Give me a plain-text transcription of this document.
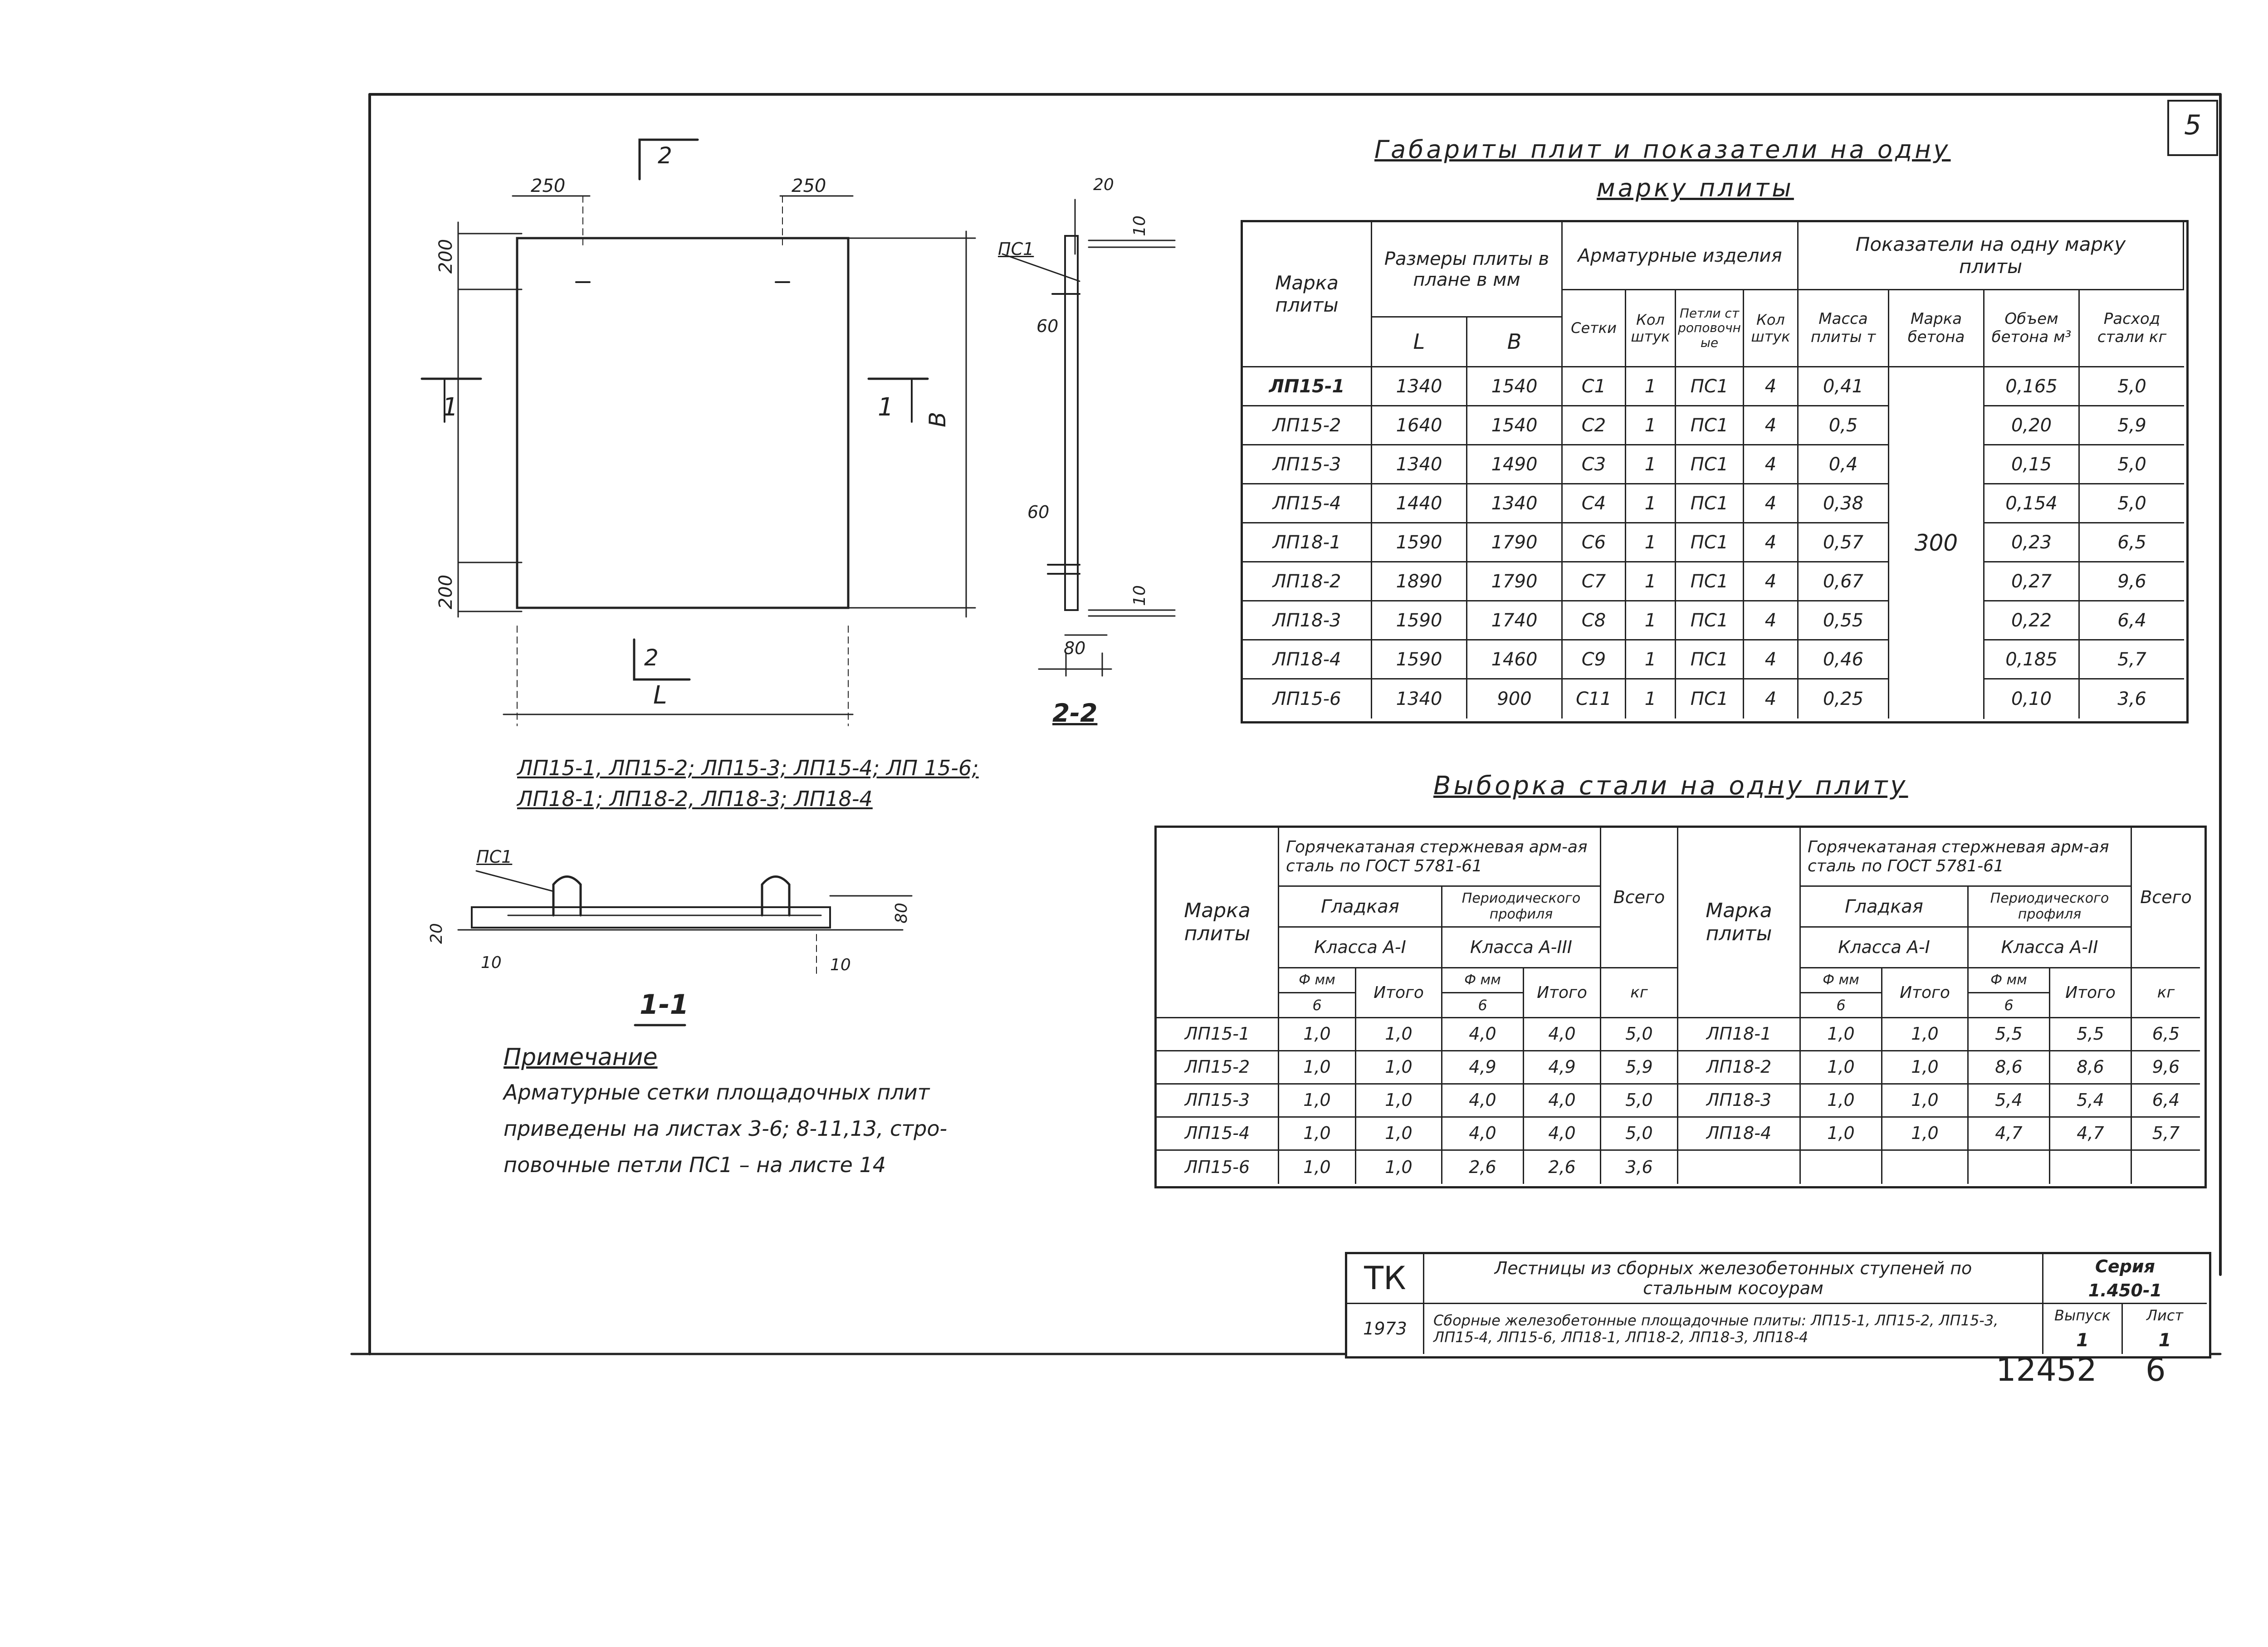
5
250	250
200
200
B
L
2
2
1	1
20
10
10
60
60
80
ПС1
2-2
ЛП15-1, ЛП15-2; ЛП15-3; ЛП15-4; ЛП 15-6;
ЛП18-1; ЛП18-2, ЛП18-3; ЛП18-4
ПС1
20
80
10	10
1-1
Примечание
Арматурные сетки площадочных плит
приведены на листах 3-6; 8-11,13, стро-
повочные петли ПС1 – на листе 14
Габариты плит и показатели на одну
марку плиты
Марка плиты
Размеры плиты в плане в мм
L	B
Арматурные изделия
Сетки	Кол штук
Петли строповочные
Кол штук
Показатели на одну марку плиты
Масса плиты т
Марка бетона
Объем бетона м³
Расход стали кг
300
ЛП15-1	1340	1540	С1	1	ПС1	4	0,41	0,165	5,0
ЛП15-2	1640	1540	С2	1	ПС1	4	0,5	0,20	5,9
ЛП15-3	1340	1490	С3	1	ПС1	4	0,4	0,15	5,0
ЛП15-4	1440	1340	С4	1	ПС1	4	0,38	0,154	5,0
ЛП18-1	1590	1790	С6	1	ПС1	4	0,57	0,23	6,5
ЛП18-2	1890	1790	С7	1	ПС1	4	0,67	0,27	9,6
ЛП18-3	1590	1740	С8	1	ПС1	4	0,55	0,22	6,4
ЛП18-4	1590	1460	С9	1	ПС1	4	0,46	0,185	5,7
ЛП15-6	1340	900	С11	1	ПС1	4	0,25	0,10	3,6
Выборка стали на одну плиту
Марка плиты
Горячекатаная стержневая арм-ая сталь по ГОСТ 5781-61
Гладкая	Периодического профиля
Класса А-I	Класса А-III
Ф мм
6
Итого
Ф мм
6
Итого
Всего
кг
Марка плиты
Горячекатаная стержневая арм-ая сталь по ГОСТ 5781-61
Гладкая	Периодического профиля
Класса А-I	Класса А-II
Ф мм
6
Итого
Ф мм
6
Итого
Всего
кг
ЛП15-1	1,0	1,0	4,0	4,0	5,0	ЛП18-1	1,0	1,0	5,5	5,5	6,5
ЛП15-2	1,0	1,0	4,9	4,9	5,9	ЛП18-2	1,0	1,0	8,6	8,6	9,6
ЛП15-3	1,0	1,0	4,0	4,0	5,0	ЛП18-3	1,0	1,0	5,4	5,4	6,4
ЛП15-4	1,0	1,0	4,0	4,0	5,0	ЛП18-4	1,0	1,0	4,7	4,7	5,7
ЛП15-6	1,0	1,0	2,6	2,6	3,6
ТК	Лестницы из сборных железобетонных ступеней по стальным косоурам
Серия
1.450-1
1973	Сборные железобетонные площадочные плиты: ЛП15-1, ЛП15-2, ЛП15-3, ЛП15-4, ЛП15-6, ЛП18-1, ЛП18-2, ЛП18-3, ЛП18-4
Выпуск
1
Лист
1
12452 6
